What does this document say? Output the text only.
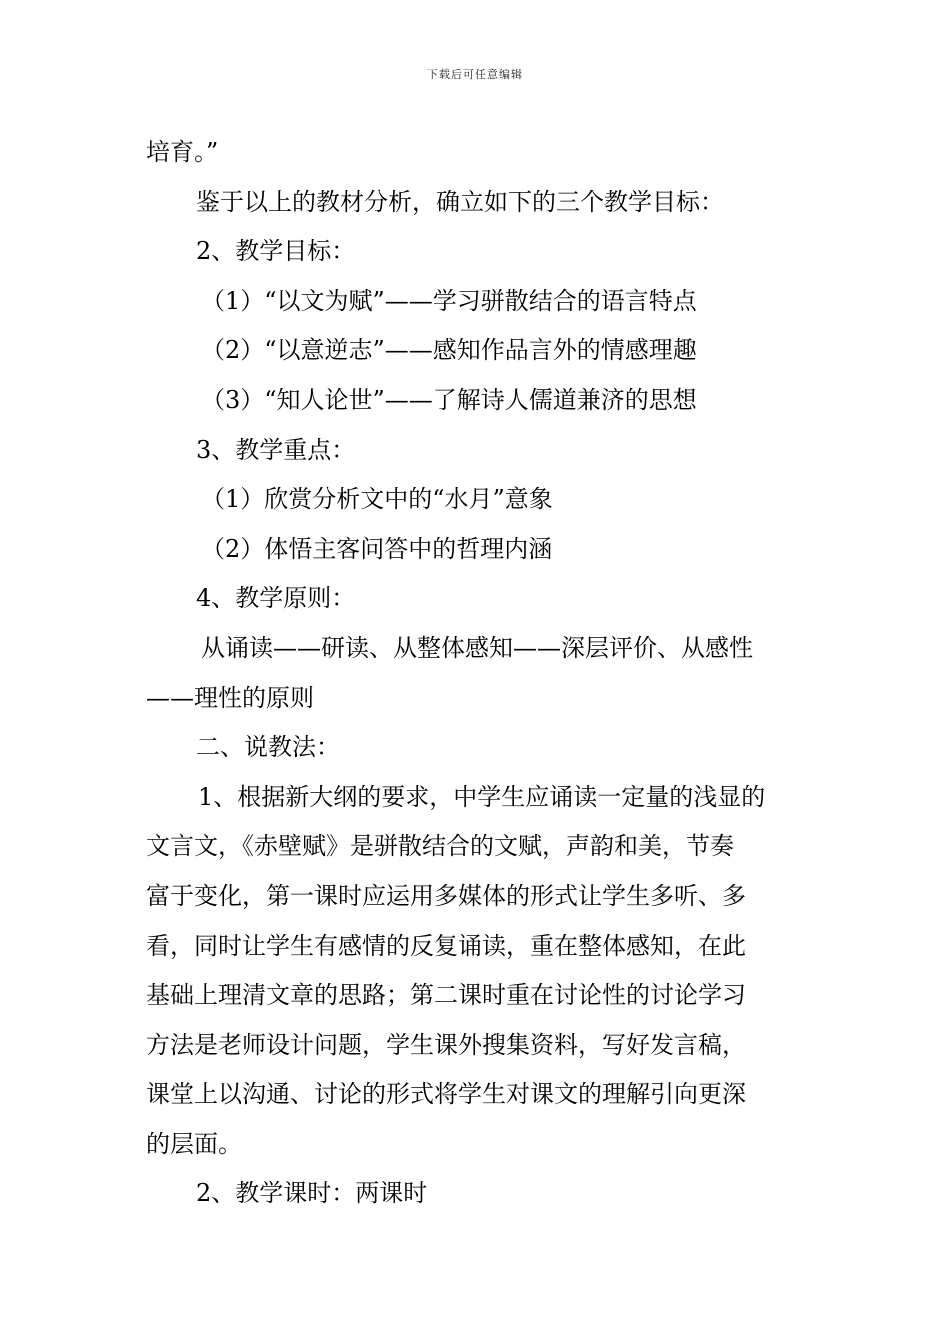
下载后可任意编辑
培育。”
鉴于以上的教材分析，确立如下的三个教学目标：
2、教学目标：
（1）“以文为赋”——学习骈散结合的语言特点
（2）“以意逆志”——感知作品言外的情感理趣
（3）“知人论世”——了解诗人儒道兼济的思想
3、教学重点：
（1）欣赏分析文中的“水月”意象
（2）体悟主客问答中的哲理内涵
4、教学原则：
从诵读——研读、从整体感知——深层评价、从感性
——理性的原则
二、说教法：
1、根据新大纲的要求，中学生应诵读一定量的浅显的
文言文，《赤壁赋》是骈散结合的文赋，声韵和美，节奏
富于变化，第一课时应运用多媒体的形式让学生多听、多
看，同时让学生有感情的反复诵读，重在整体感知，在此
基础上理清文章的思路；第二课时重在讨论性的讨论学习
方法是老师设计问题，学生课外搜集资料，写好发言稿，
课堂上以沟通、讨论的形式将学生对课文的理解引向更深
的层面。
2、教学课时：两课时
